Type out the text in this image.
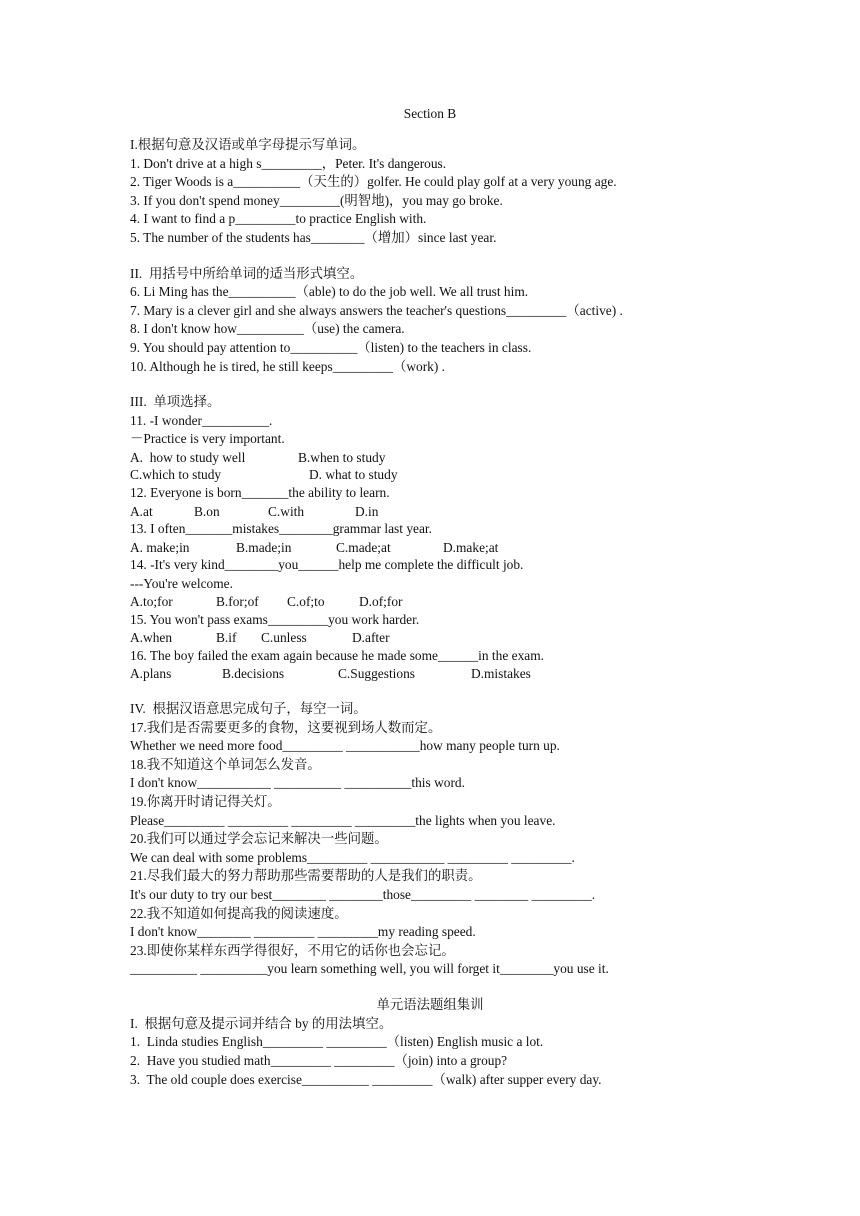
Section B
I.根据句意及汉语或单字母提示写单词。
1. Don't drive at a high s_________，Peter. It's dangerous.
2. Tiger Woods is a__________（天生的）golfer. He could play golf at a very young age.
3. If you don't spend money_________(明智地)，you may go broke.
4. I want to find a p_________to practice English with.
5. The number of the students has________（增加）since last year.
II.  用括号中所给单词的适当形式填空。
6. Li Ming has the__________（able) to do the job well. We all trust him.
7. Mary is a clever girl and she always answers the teacher's questions_________（active) .
8. I don't know how__________（use) the camera.
9. You should pay attention to__________（listen) to the teachers in class.
10. Although he is tired, he still keeps_________（work) .
III.  单项选择。
11. -I wonder__________.
－Practice is very important.

A.  how to study well

	B.when to study

C.which to study

	D. what to study

12. Everyone is born_______the ability to learn.

A.at

	B.on

	C.with

	D.in

13. I often_______mistakes________grammar last year.

A. make;in

	B.made;in

	C.made;at

	D.make;at

14. -It's very kind________you______help me complete the difficult job.
---You're welcome.

A.to;for

	B.for;of

C.of;to

	D.of;for

15. You won't pass exams_________you work harder.

A.when

	B.if

C.unless

	D.after

16. The boy failed the exam again because he made some______in the exam.

A.plans

	B.decisions

	C.Suggestions

	D.mistakes

IV.  根据汉语意思完成句子，每空一词。
17.我们是否需要更多的食物，这要视到场人数而定。
Whether we need more food_________ ___________how many people turn up.
18.我不知道这个单词怎么发音。
I don't know___________ __________ __________this word.
19.你离开时请记得关灯。
Please_________ _________ _________ _________the lights when you leave.
20.我们可以通过学会忘记来解决一些问题。
We can deal with some problems_________ ___________ _________ _________.
21.尽我们最大的努力帮助那些需要帮助的人是我们的职责。
It's our duty to try our best________ ________those_________ ________ _________.
22.我不知道如何提高我的阅读速度。
I don't know________ _________ _________my reading speed.
23.即使你某样东西学得很好，不用它的话你也会忘记。
__________ __________you learn something well, you will forget it________you use it.
单元语法题组集训
I.  根据句意及提示词并结合 by 的用法填空。
1.  Linda studies English_________ _________（listen) English music a lot.
2.  Have you studied math_________ _________（join) into a group?
3.  The old couple does exercise__________ _________（walk) after supper every day.
